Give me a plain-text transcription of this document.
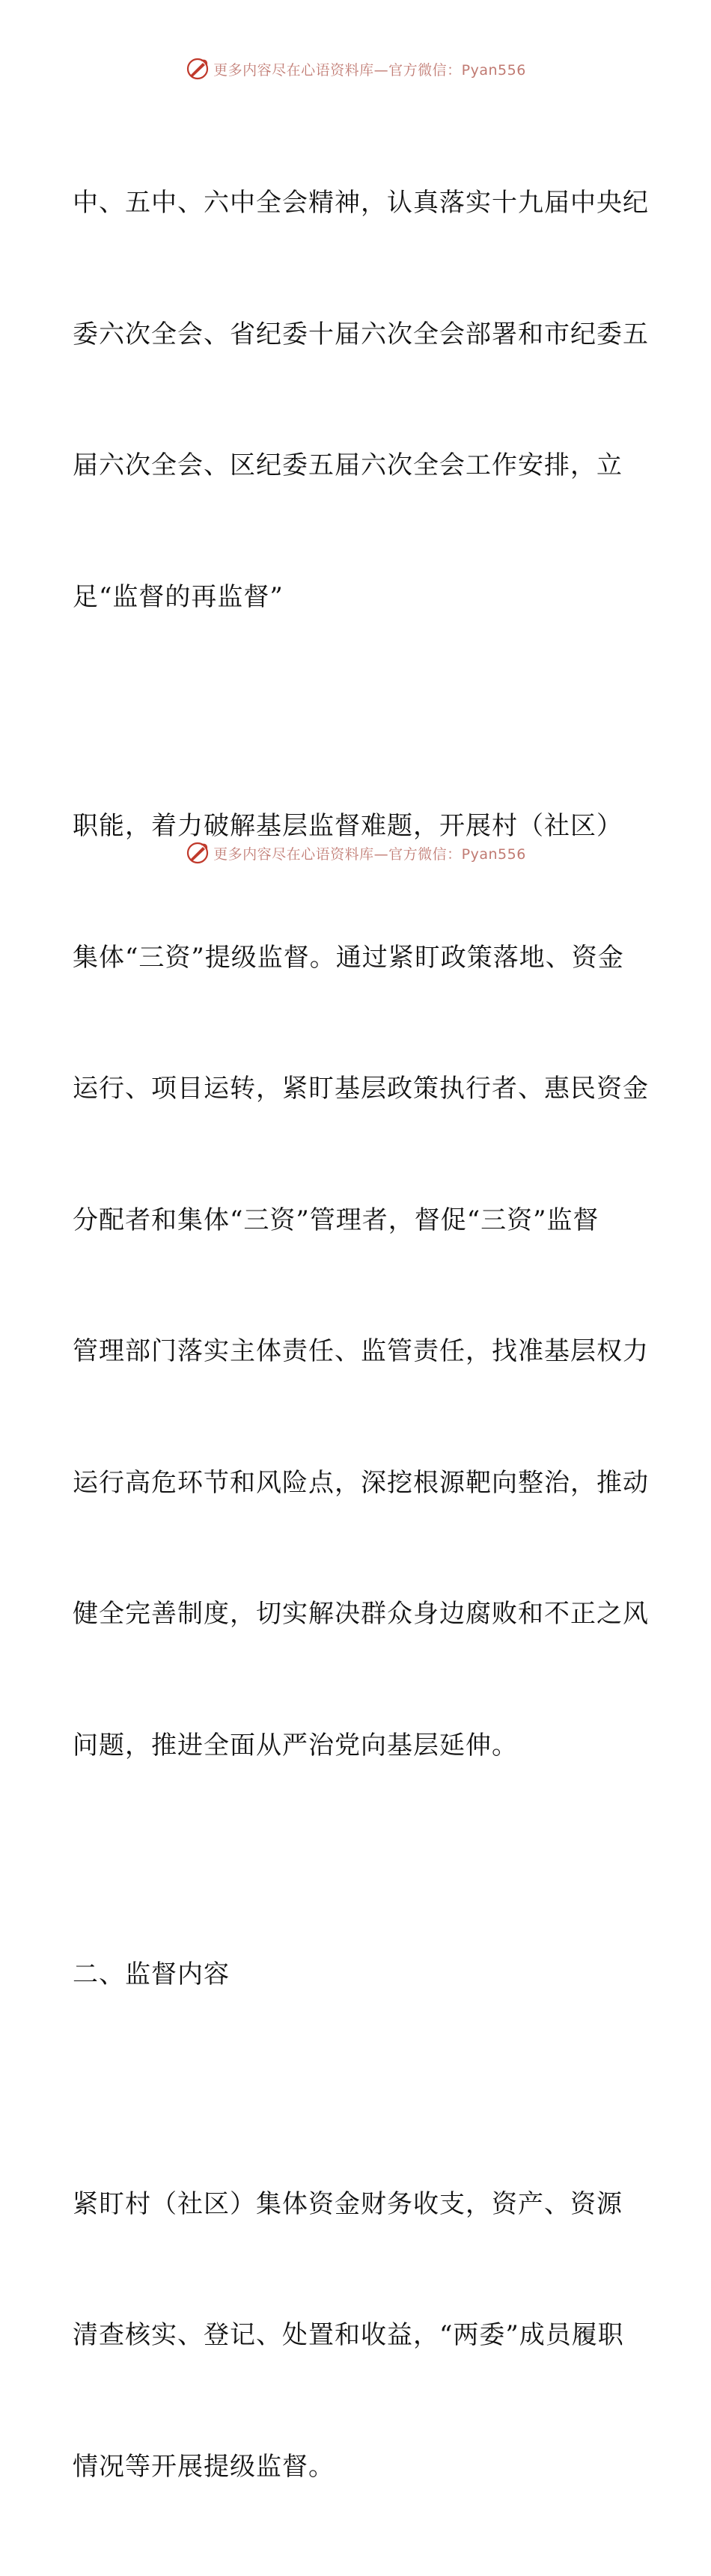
更多内容尽在心语资料库—官方微信：Pyan556

中、五中、六中全会精神，认真落实十九届中央纪

委六次全会、省纪委十届六次全会部署和市纪委五

届六次全会、区纪委五届六次全会工作安排，立

足“监督的再监督”

职能，着力破解基层监督难题，开展村（社区）

集体“三资”提级监督。通过紧盯政策落地、资金

运行、项目运转，紧盯基层政策执行者、惠民资金

分配者和集体“三资”管理者，督促“三资”监督

管理部门落实主体责任、监管责任，找准基层权力

运行高危环节和风险点，深挖根源靶向整治，推动

健全完善制度，切实解决群众身边腐败和不正之风

问题，推进全面从严治党向基层延伸。

二、监督内容

紧盯村（社区）集体资金财务收支，资产、资源

清查核实、登记、处置和收益，“两委”成员履职

情况等开展提级监督。

更多内容尽在心语资料库—官方微信：Pyan556
